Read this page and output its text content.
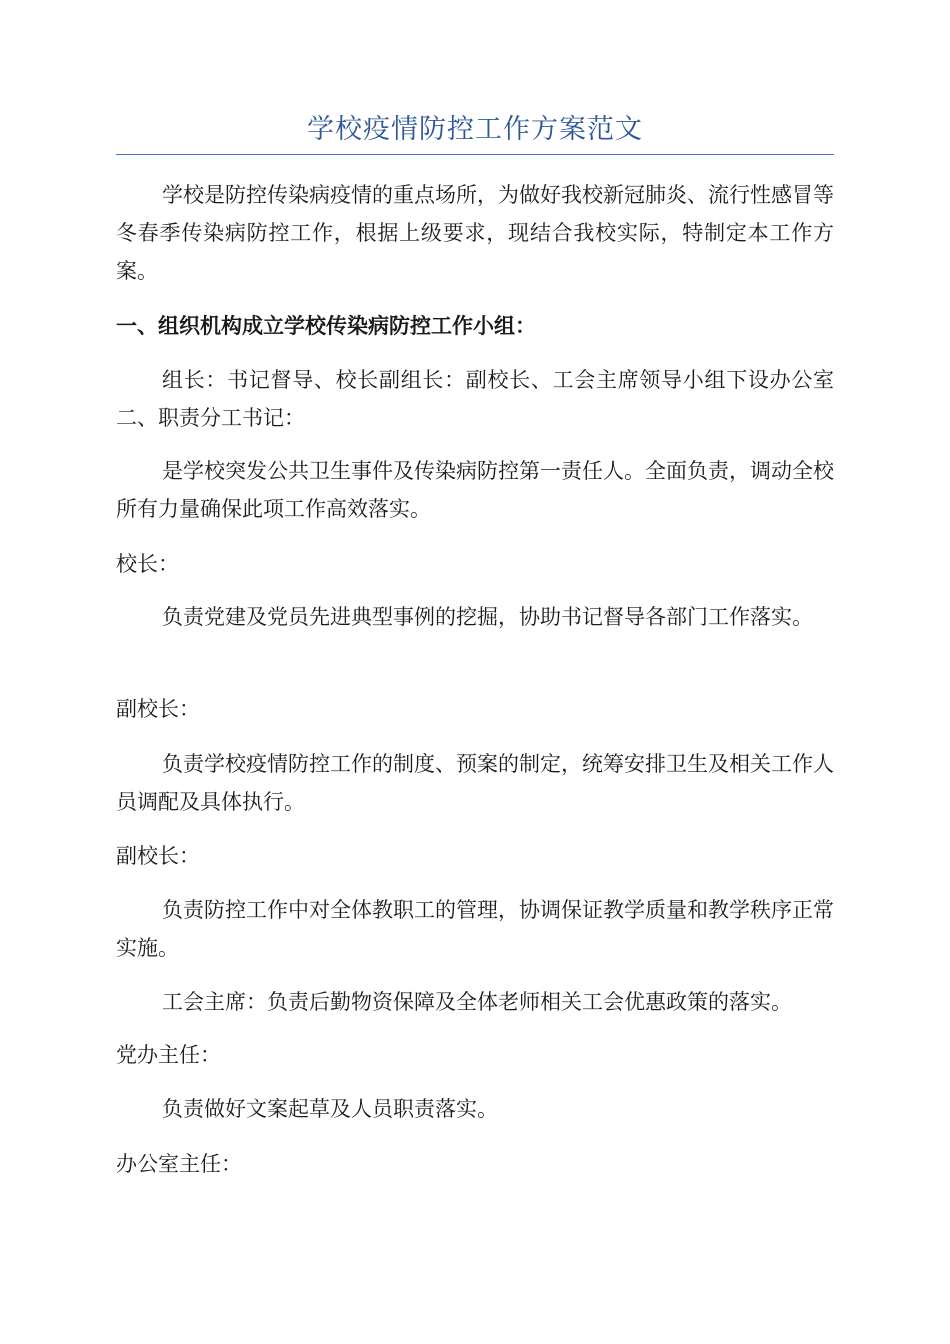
学校疫情防控工作方案范文

学校是防控传染病疫情的重点场所，为做好我校新冠肺炎、流行性感冒等冬春季传染病防控工作，根据上级要求，现结合我校实际，特制定本工作方案。

一、组织机构成立学校传染病防控工作小组：

组长：书记督导、校长副组长：副校长、工会主席领导小组下设办公室二、职责分工书记：

是学校突发公共卫生事件及传染病防控第一责任人。全面负责，调动全校所有力量确保此项工作高效落实。

校长：

负责党建及党员先进典型事例的挖掘，协助书记督导各部门工作落实。

副校长：

负责学校疫情防控工作的制度、预案的制定，统筹安排卫生及相关工作人员调配及具体执行。

副校长：

负责防控工作中对全体教职工的管理，协调保证教学质量和教学秩序正常实施。

工会主席：负责后勤物资保障及全体老师相关工会优惠政策的落实。

党办主任：

负责做好文案起草及人员职责落实。

办公室主任：
